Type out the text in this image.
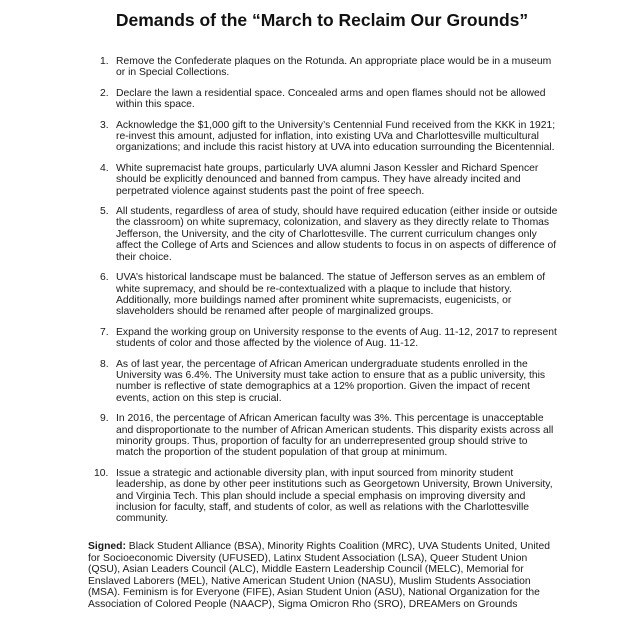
Demands of the “March to Reclaim Our Grounds”
1. Remove the Confederate plaques on the Rotunda. An appropriate place would be in a museum or in Special Collections.
2. Declare the lawn a residential space. Concealed arms and open flames should not be allowed within this space.
3. Acknowledge the $1,000 gift to the University’s Centennial Fund received from the KKK in 1921; re-invest this amount, adjusted for inflation, into existing UVa and Charlottesville multicultural organizations; and include this racist history at UVA into education surrounding the Bicentennial.
4. White supremacist hate groups, particularly UVA alumni Jason Kessler and Richard Spencer should be explicitly denounced and banned from campus. They have already incited and perpetrated violence against students past the point of free speech.
5. All students, regardless of area of study, should have required education (either inside or outside the classroom) on white supremacy, colonization, and slavery as they directly relate to Thomas Jefferson, the University, and the city of Charlottesville. The current curriculum changes only affect the College of Arts and Sciences and allow students to focus in on aspects of difference of their choice.
6. UVA’s historical landscape must be balanced. The statue of Jefferson serves as an emblem of white supremacy, and should be re-contextualized with a plaque to include that history. Additionally, more buildings named after prominent white supremacists, eugenicists, or slaveholders should be renamed after people of marginalized groups.
7. Expand the working group on University response to the events of Aug. 11-12, 2017 to represent students of color and those affected by the violence of Aug. 11-12.
8. As of last year, the percentage of African American undergraduate students enrolled in the University was 6.4%. The University must take action to ensure that as a public university, this number is reflective of state demographics at a 12% proportion. Given the impact of recent events, action on this step is crucial.
9. In 2016, the percentage of African American faculty was 3%. This percentage is unacceptable and disproportionate to the number of African American students. This disparity exists across all minority groups. Thus, proportion of faculty for an underrepresented group should strive to match the proportion of the student population of that group at minimum.
10. Issue a strategic and actionable diversity plan, with input sourced from minority student leadership, as done by other peer institutions such as Georgetown University, Brown University, and Virginia Tech. This plan should include a special emphasis on improving diversity and inclusion for faculty, staff, and students of color, as well as relations with the Charlottesville community.
Signed: Black Student Alliance (BSA), Minority Rights Coalition (MRC), UVA Students United, United for Socioeconomic Diversity (UFUSED), Latinx Student Association (LSA), Queer Student Union (QSU), Asian Leaders Council (ALC), Middle Eastern Leadership Council (MELC), Memorial for Enslaved Laborers (MEL), Native American Student Union (NASU), Muslim Students Association (MSA). Feminism is for Everyone (FIFE), Asian Student Union (ASU), National Organization for the Association of Colored People (NAACP), Sigma Omicron Rho (SRO), DREAMers on Grounds
